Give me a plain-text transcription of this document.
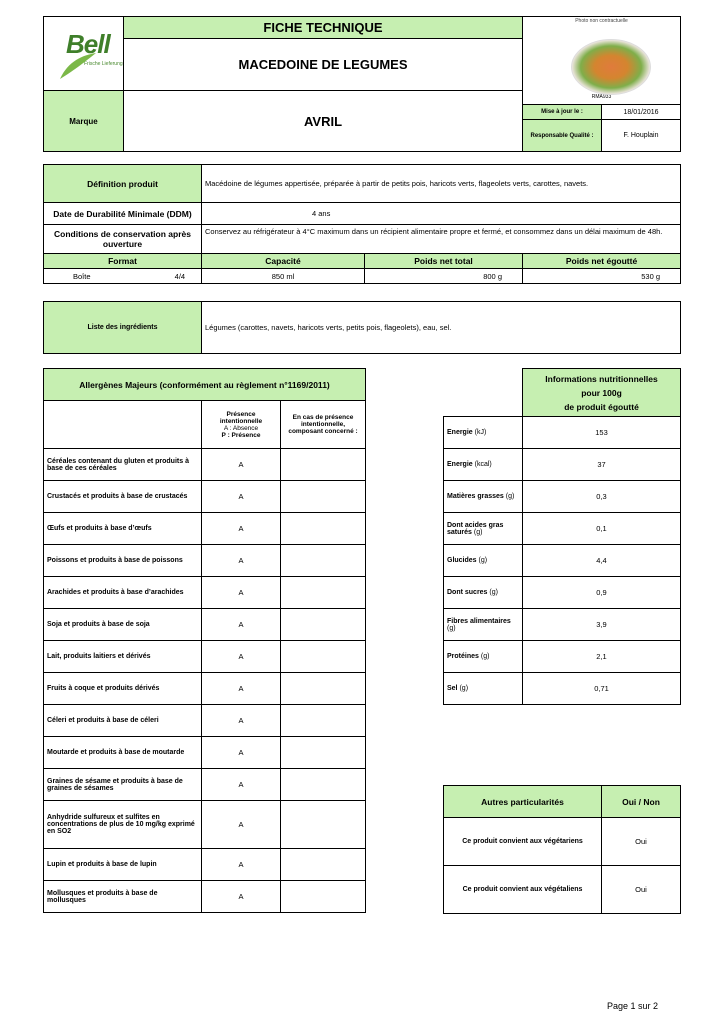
Bell
Frische Lieferung	FICHE TECHNIQUE	Photo non contractuelle	

	MACEDOINE DE LEGUMES		
Marque	AVRIL	RMA933	
		Mise à jour le :	18/01/2016
		Responsable Qualité :	F. Houplain
Définition produit	Macédoine de légumes appertisée, préparée à partir de petits pois, haricots verts, flageolets verts, carottes, navets.		
Date de Durabilité Minimale (DDM)	4 ans		
Conditions de conservation après ouverture	Conservez au réfrigérateur à 4°C maximum dans un récipient alimentaire propre et fermé, et consommez dans un délai maximum de 48h.		
Format	Capacité	Poids net total	Poids net égoutté
Boîte 4/4	850 ml	800 g	530 g
Liste des ingrédients	Légumes (carottes, navets, haricots verts, petits pois, flageolets), eau, sel.
Allergènes Majeurs (conformément au règlement n°1169/2011)		

	Présence intentionnelle
A : Absence
P : Présence	En cas de présence intentionnelle, composant concerné :
Céréales contenant du gluten et produits à base de ces céréales	A	
Crustacés et produits à base de crustacés	A	
Œufs et produits à base d’œufs	A	
Poissons et produits à base de poissons	A	
Arachides et produits à base d’arachides	A	
Soja et produits à base de soja	A	
Lait, produits laitiers et dérivés	A	
Fruits à coque et produits dérivés	A	
Céleri et produits à base de céleri	A	
Moutarde et produits à base de moutarde	A	
Graines de sésame et produits à base de graines de sésames	A	
Anhydride sulfureux et sulfites en concentrations de plus de 10 mg/kg exprimé en SO2	A	
Lupin et produits à base de lupin	A	
Mollusques et produits à base de mollusques	A	

	Informations nutritionnelles
pour 100g
de produit égoutté

Energie (kJ)	153
Energie (kcal)	37
Matières grasses (g)	0,3
Dont acides gras saturés (g)	0,1
Glucides (g)	4,4
Dont sucres (g)	0,9
Fibres alimentaires (g)	3,9
Protéines (g)	2,1
Sel (g)	0,71
Autres particularités	Oui / Non
Ce produit convient aux végétariens	Oui
Ce produit convient aux végétaliens	Oui
Page 1 sur 2
